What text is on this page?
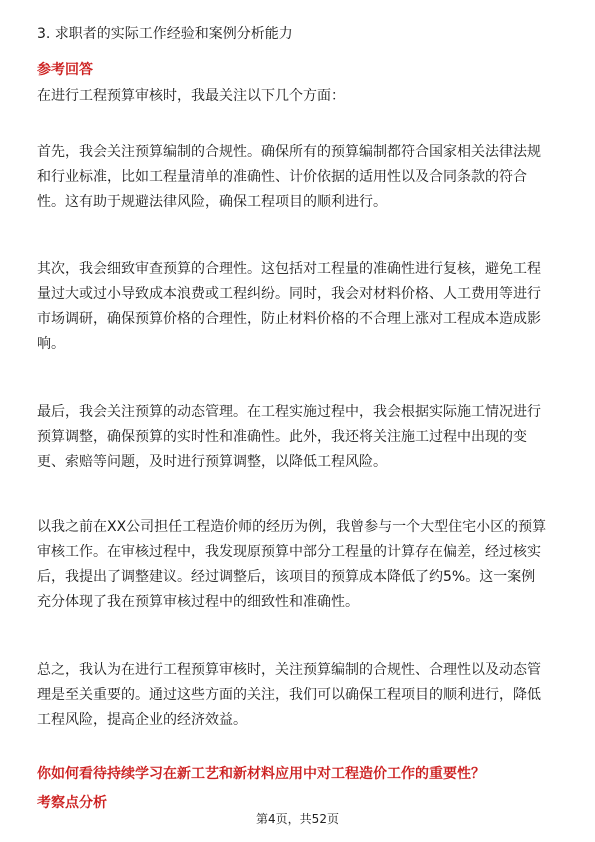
3. 求职者的实际工作经验和案例分析能力
参考回答
在进行工程预算审核时，我最关注以下几个方面：
首先，我会关注预算编制的合规性。确保所有的预算编制都符合国家相关法律法规
和行业标准，比如工程量清单的准确性、计价依据的适用性以及合同条款的符合
性。这有助于规避法律风险，确保工程项目的顺利进行。
其次，我会细致审查预算的合理性。这包括对工程量的准确性进行复核，避免工程
量过大或过小导致成本浪费或工程纠纷。同时，我会对材料价格、人工费用等进行
市场调研，确保预算价格的合理性，防止材料价格的不合理上涨对工程成本造成影
响。
最后，我会关注预算的动态管理。在工程实施过程中，我会根据实际施工情况进行
预算调整，确保预算的实时性和准确性。此外，我还将关注施工过程中出现的变
更、索赔等问题，及时进行预算调整，以降低工程风险。
以我之前在XX公司担任工程造价师的经历为例，我曾参与一个大型住宅小区的预算
审核工作。在审核过程中，我发现原预算中部分工程量的计算存在偏差，经过核实
后，我提出了调整建议。经过调整后，该项目的预算成本降低了约5%。这一案例
充分体现了我在预算审核过程中的细致性和准确性。
总之，我认为在进行工程预算审核时，关注预算编制的合规性、合理性以及动态管
理是至关重要的。通过这些方面的关注，我们可以确保工程项目的顺利进行，降低
工程风险，提高企业的经济效益。
你如何看待持续学习在新工艺和新材料应用中对工程造价工作的重要性？
考察点分析
第4页，共52页
